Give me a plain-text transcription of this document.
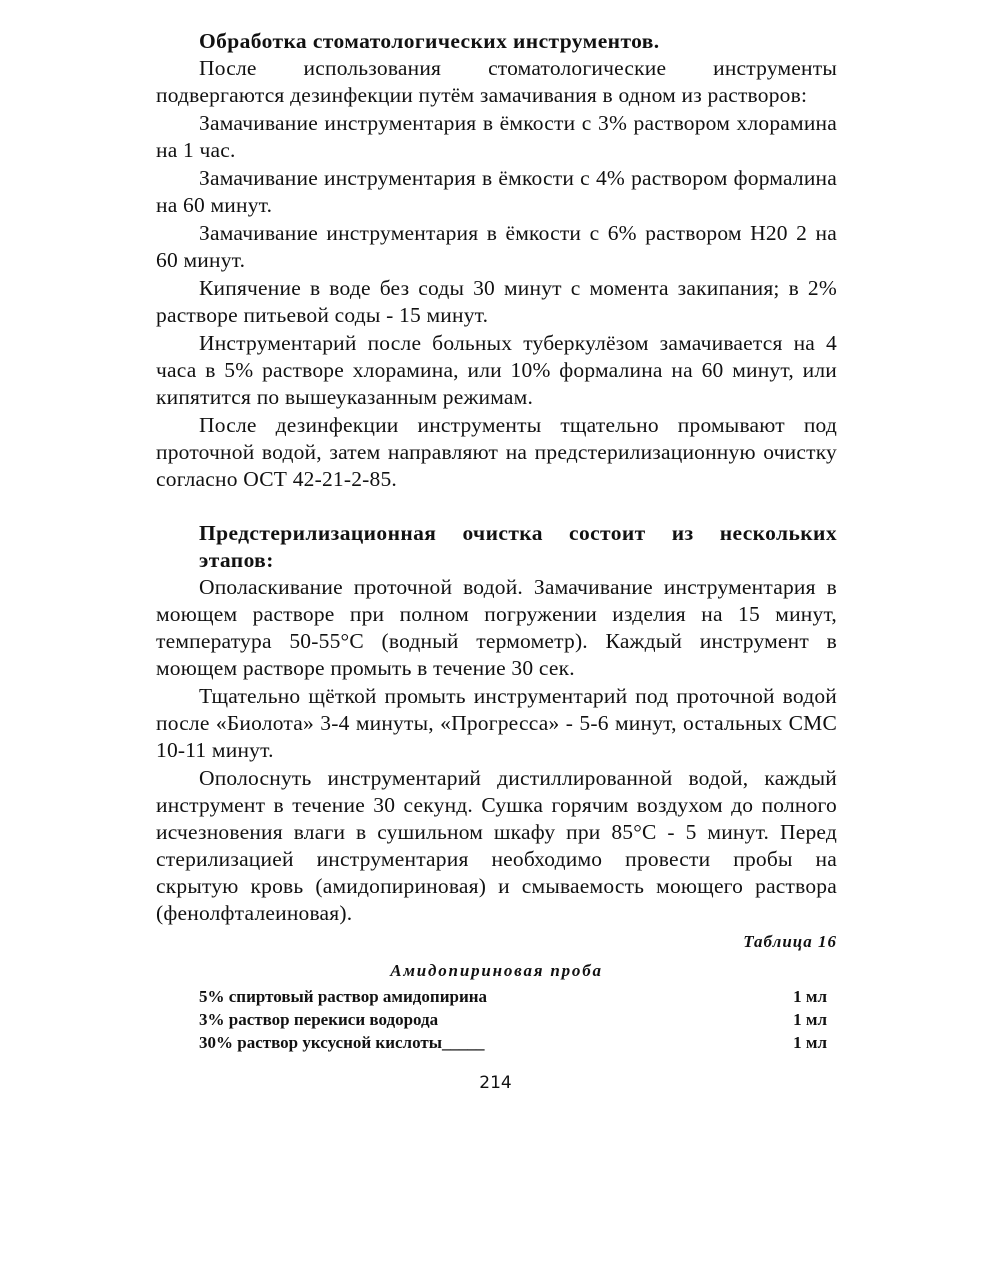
Обработка стоматологических инструментов.

После использования стоматологические инструменты подвергаются дезинфекции путём замачивания в одном из растворов:

Замачивание инструментария в ёмкости с 3% раствором хлорамина на 1 час.

Замачивание инструментария в ёмкости с 4% раствором формалина на 60 минут.

Замачивание инструментария в ёмкости с 6% раствором Н20 2 на 60 минут.

Кипячение в воде без соды 30 минут с момента закипания; в 2% растворе питьевой соды - 15 минут.

Инструментарий после больных туберкулёзом замачивается на 4 часа в 5% растворе хлорамина, или 10% формалина на 60 минут, или кипятится по вышеуказанным режимам.

После дезинфекции инструменты тщательно промывают под проточной водой, затем направляют на предстерилизационную очистку согласно ОСТ 42-21-2-85.

Предстерилизационная очистка состоит из нескольких этапов:

Ополаскивание проточной водой. Замачивание инструментария в моющем растворе при полном погружении изделия на 15 минут, температура 50-55°С (водный термометр). Каждый инструмент в моющем растворе промыть в течение 30 сек.

Тщательно щёткой промыть инструментарий под проточной водой после «Биолота» 3-4 минуты, «Прогресса» - 5-6 минут, остальных СМС 10-11 минут.

Ополоснуть инструментарий дистиллированной водой, каждый инструмент в течение 30 секунд. Сушка горячим воздухом до полного исчезновения влаги в сушильном шкафу при 85°С - 5 минут. Перед стерилизацией инструментария необходимо провести пробы на скрытую кровь (амидопириновая) и смываемость моющего раствора (фенолфталеиновая).

Таблица 16
Амидопириновая проба
5% спиртовый раствор амидопирина	1 мл
3% раствор перекиси водорода	1 мл
30% раствор уксусной кислоты_____	1 мл
214
